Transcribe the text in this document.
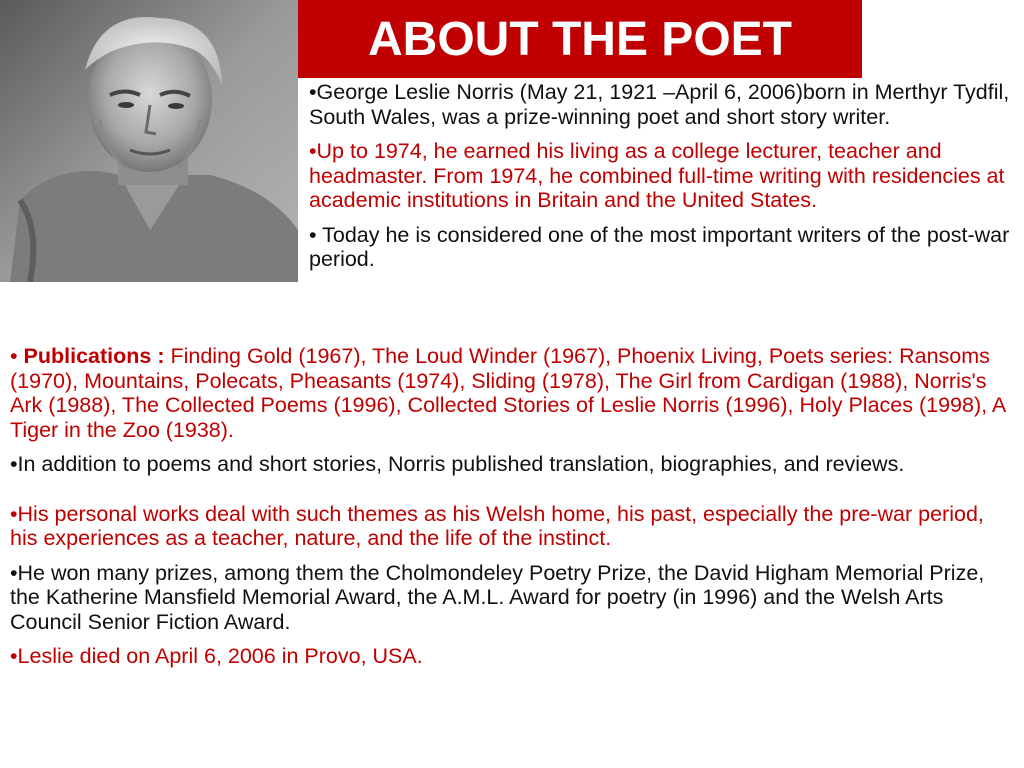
ABOUT THE POET

•George Leslie Norris (May 21, 1921 –April 6, 2006)born in Merthyr Tydfil, South Wales, was a prize-winning poet and short story writer.

•Up to 1974, he earned his living as a college lecturer, teacher and headmaster. From 1974, he combined full-time writing with residencies at academic institutions in Britain and the United States.

• Today he is considered one of the most important writers of the post-war period.

• Publications : Finding Gold (1967), The Loud Winder (1967), Phoenix Living, Poets series: Ransoms (1970), Mountains, Polecats, Pheasants (1974), Sliding (1978), The Girl from Cardigan (1988), Norris's Ark (1988), The Collected Poems (1996), Collected Stories of Leslie Norris (1996), Holy Places (1998), A Tiger in the Zoo (1938).

•In addition to poems and short stories, Norris published translation, biographies, and reviews.

•His personal works deal with such themes as his Welsh home, his past, especially the pre-war period, his experiences as a teacher, nature, and the life of the instinct.

•He won many prizes, among them the Cholmondeley Poetry Prize, the David Higham Memorial Prize, the Katherine Mansfield Memorial Award, the A.M.L. Award for poetry (in 1996) and the Welsh Arts Council Senior Fiction Award.

•Leslie died on April 6, 2006 in Provo, USA.
